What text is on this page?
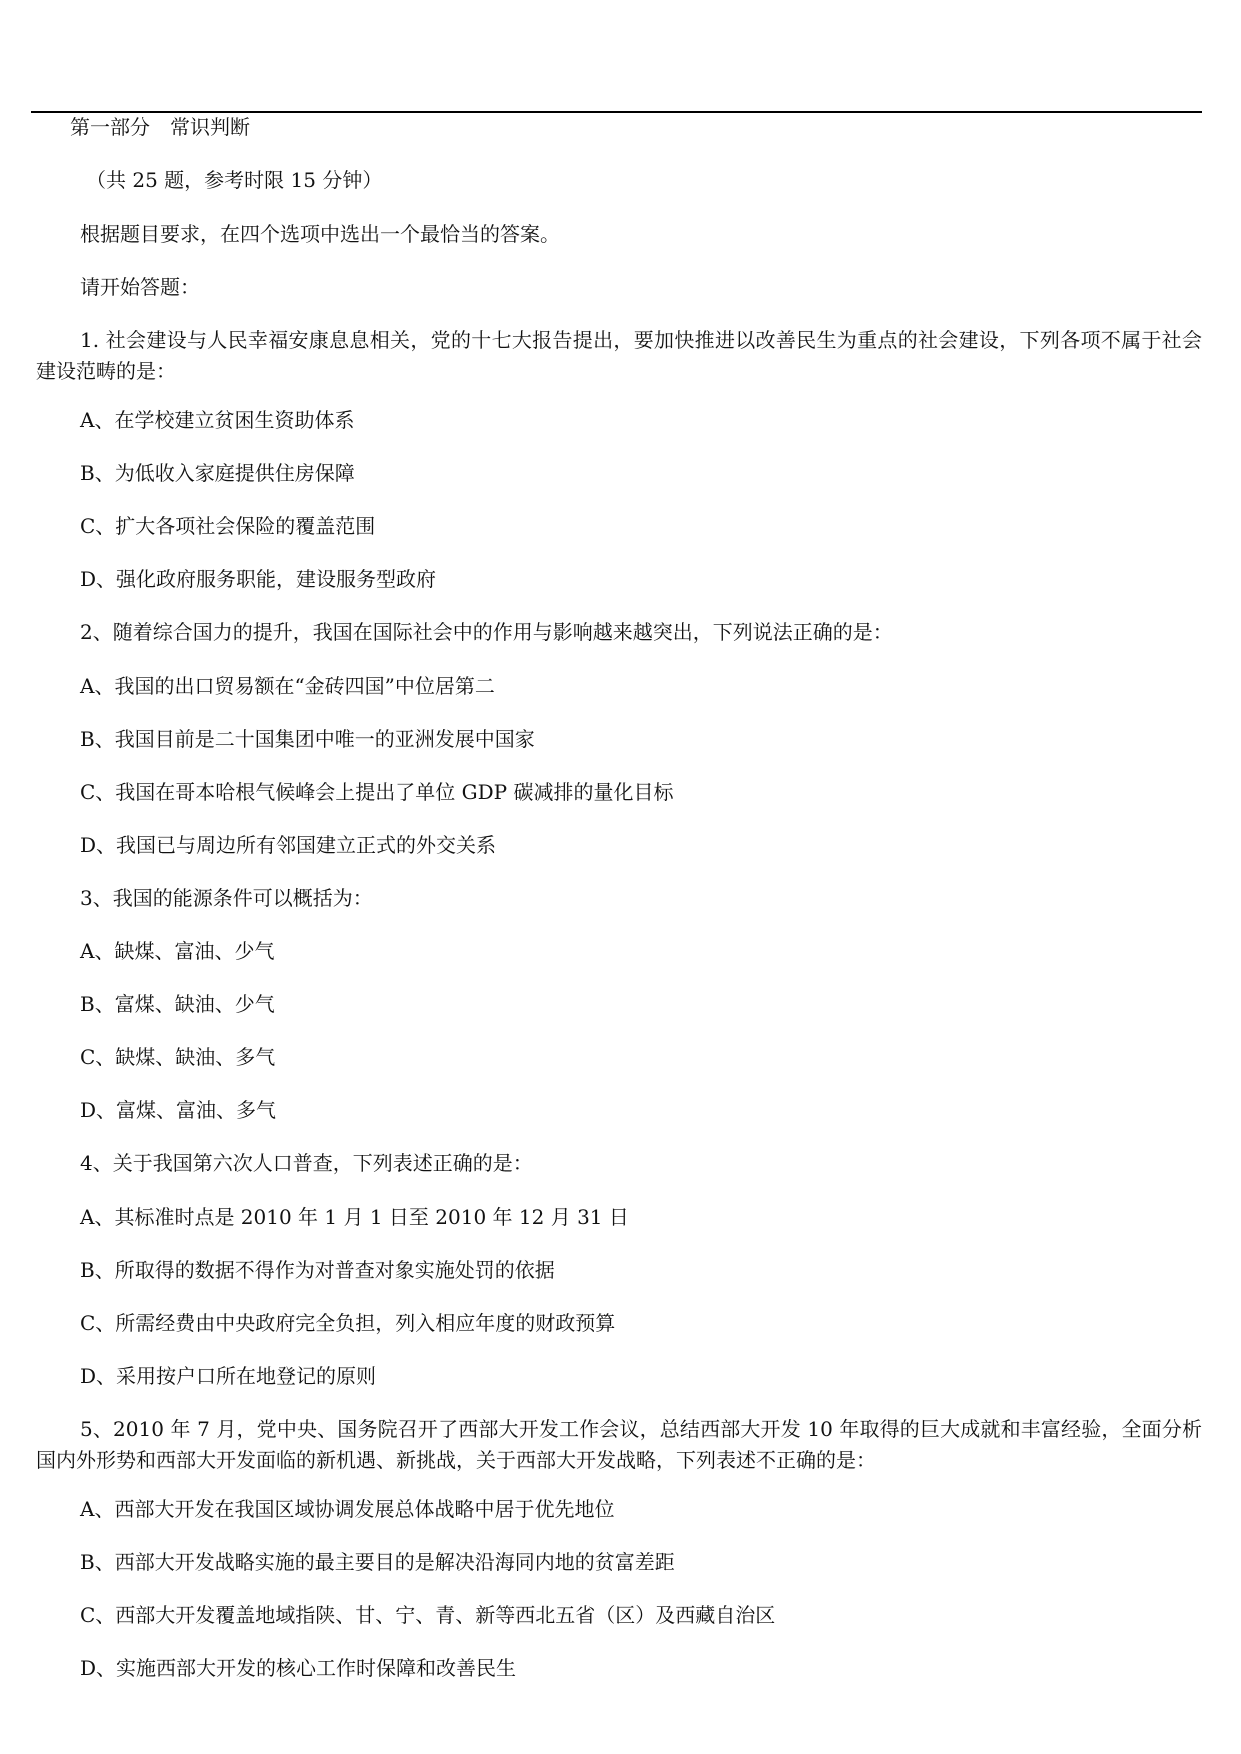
第一部分　常识判断
（共 25 题，参考时限 15 分钟）
根据题目要求，在四个选项中选出一个最恰当的答案。
请开始答题：
1. 社会建设与人民幸福安康息息相关，党的十七大报告提出，要加快推进以改善民生为重点的社会建设，下列各项不属于社会建设范畴的是：
A、在学校建立贫困生资助体系
B、为低收入家庭提供住房保障
C、扩大各项社会保险的覆盖范围
D、强化政府服务职能，建设服务型政府
2、随着综合国力的提升，我国在国际社会中的作用与影响越来越突出，下列说法正确的是：
A、我国的出口贸易额在“金砖四国”中位居第二
B、我国目前是二十国集团中唯一的亚洲发展中国家
C、我国在哥本哈根气候峰会上提出了单位 GDP 碳减排的量化目标
D、我国已与周边所有邻国建立正式的外交关系
3、我国的能源条件可以概括为：
A、缺煤、富油、少气
B、富煤、缺油、少气
C、缺煤、缺油、多气
D、富煤、富油、多气
4、关于我国第六次人口普查，下列表述正确的是：
A、其标准时点是 2010 年 1 月 1 日至 2010 年 12 月 31 日
B、所取得的数据不得作为对普查对象实施处罚的依据
C、所需经费由中央政府完全负担，列入相应年度的财政预算
D、采用按户口所在地登记的原则
5、2010 年 7 月，党中央、国务院召开了西部大开发工作会议，总结西部大开发 10 年取得的巨大成就和丰富经验，全面分析国内外形势和西部大开发面临的新机遇、新挑战，关于西部大开发战略，下列表述不正确的是：
A、西部大开发在我国区域协调发展总体战略中居于优先地位
B、西部大开发战略实施的最主要目的是解决沿海同内地的贫富差距
C、西部大开发覆盖地域指陕、甘、宁、青、新等西北五省（区）及西藏自治区
D、实施西部大开发的核心工作时保障和改善民生
